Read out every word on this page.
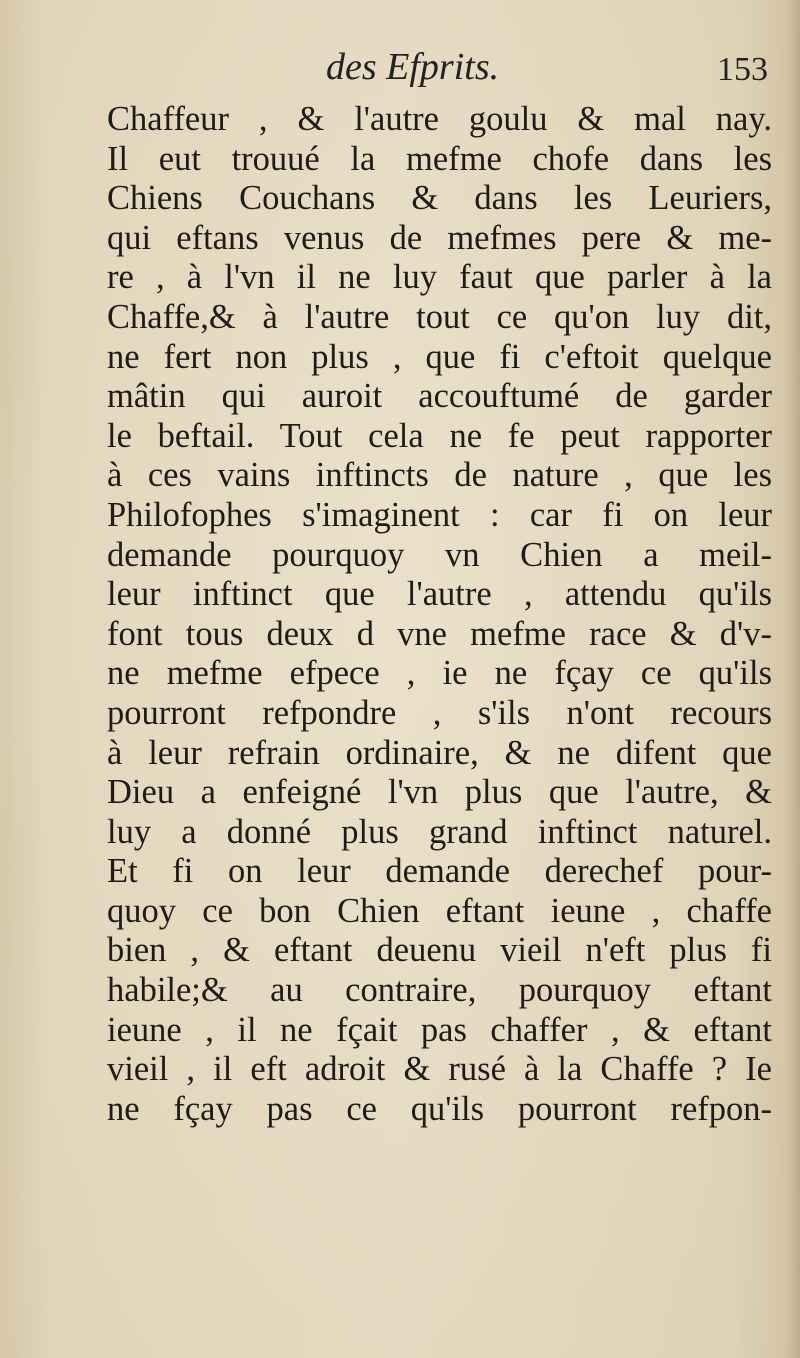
des Efprits.	153
Chaffeur , & l'autre goulu & mal nay.
Il eut trouué la mefme chofe dans les
Chiens Couchans & dans les Leuriers,
qui eftans venus de mefmes pere & me-
re , à l'vn il ne luy faut que parler à la
Chaffe,& à l'autre tout ce qu'on luy dit,
ne fert non plus , que fi c'eftoit quelque
mâtin qui auroit accouftumé de garder
le beftail. Tout cela ne fe peut rapporter
à ces vains inftincts de nature , que les
Philofophes s'imaginent : car fi on leur
demande pourquoy vn Chien a meil-
leur inftinct que l'autre , attendu qu'ils
font tous deux d vne mefme race & d'v-
ne mefme efpece , ie ne fçay ce qu'ils
pourront refpondre , s'ils n'ont recours
à leur refrain ordinaire, & ne difent que
Dieu a enfeigné l'vn plus que l'autre, &
luy a donné plus grand inftinct naturel.
Et fi on leur demande derechef pour-
quoy ce bon Chien eftant ieune , chaffe
bien , & eftant deuenu vieil n'eft plus fi
habile;& au contraire, pourquoy eftant
ieune , il ne fçait pas chaffer , & eftant
vieil , il eft adroit & rusé à la Chaffe ? Ie
ne fçay pas ce qu'ils pourront refpon-
